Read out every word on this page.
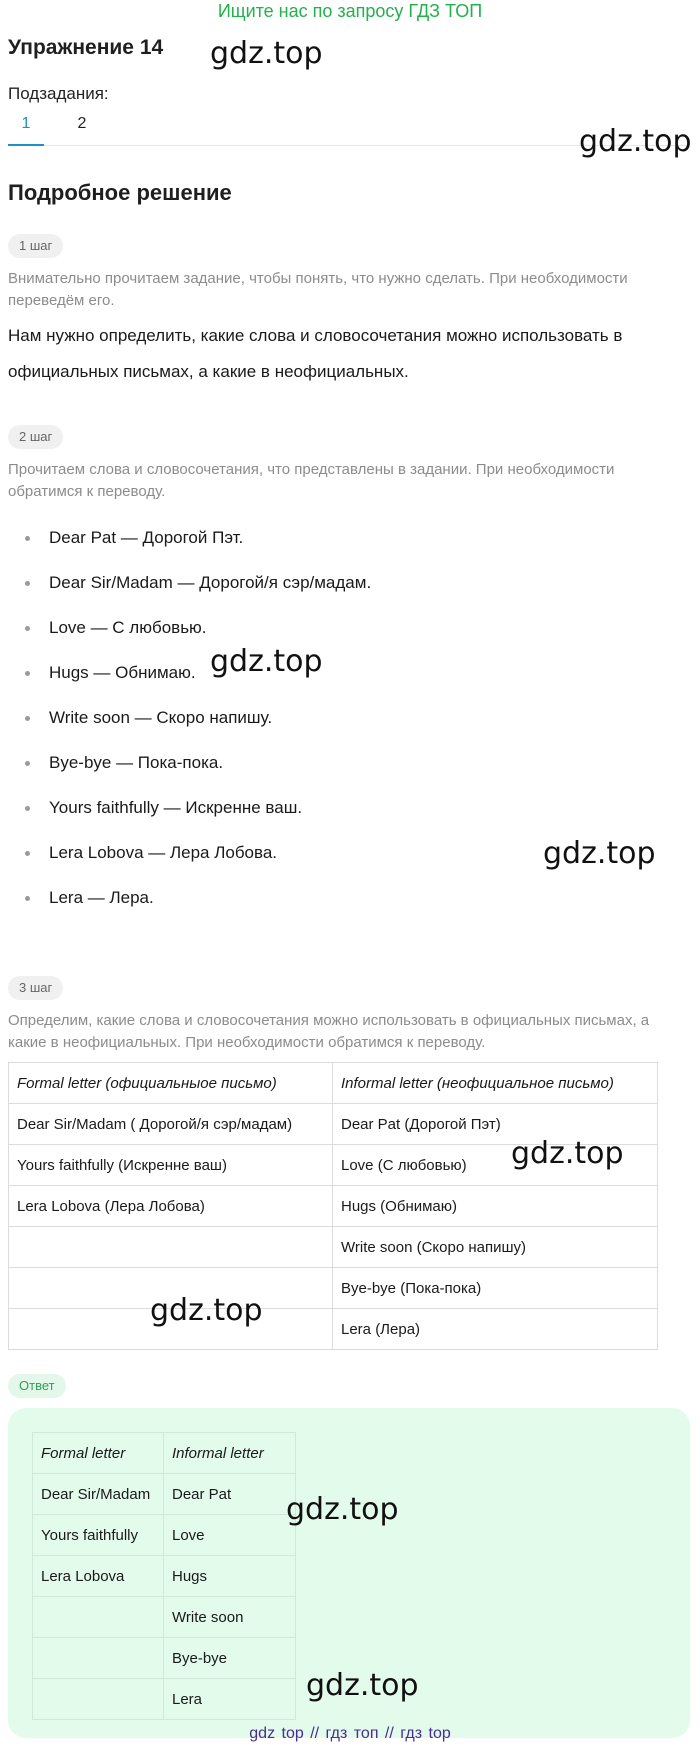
Ищите нас по запросу ГДЗ ТОП
Упражнение 14
Подзадания:
1	2
Подробное решение
1 шаг
Внимательно прочитаем задание, чтобы понять, что нужно сделать. При необходимости переведём его.
Нам нужно определить, какие слова и словосочетания можно использовать в официальных письмах, а какие в неофициальных.
2 шаг
Прочитаем слова и словосочетания, что представлены в задании. При необходимости обратимся к переводу.
Dear Pat — Дорогой Пэт.
Dear Sir/Madam — Дорогой/я сэр/мадам.
Love — С любовью.
Hugs — Обнимаю.
Write soon — Скоро напишу.
Bye-bye — Пока-пока.
Yours faithfully — Искренне ваш.
Lera Lobova — Лера Лобова.
Lera — Лера.
3 шаг
Определим, какие слова и словосочетания можно использовать в официальных письмах, а какие в неофициальных. При необходимости обратимся к переводу.
Formal letter (официальныое письмо)	Informal letter (неофициальное письмо)
Dear Sir/Madam ( Дорогой/я сэр/мадам)	Dear Pat (Дорогой Пэт)
Yours faithfully (Искренне ваш)	Love (С любовью)
Lera Lobova (Лера Лобова)	Hugs (Обнимаю)
	Write soon (Скоро напишу)
	Bye-bye (Пока-пока)
	Lera (Лера)
Ответ
Formal letter	Informal letter
Dear Sir/Madam	Dear Pat
Yours faithfully	Love
Lera Lobova	Hugs
	Write soon
	Bye-bye
	Lera
gdz top // гдз топ // гдз top
gdz.top
gdz.top
gdz.top
gdz.top
gdz.top
gdz.top
gdz.top
gdz.top
